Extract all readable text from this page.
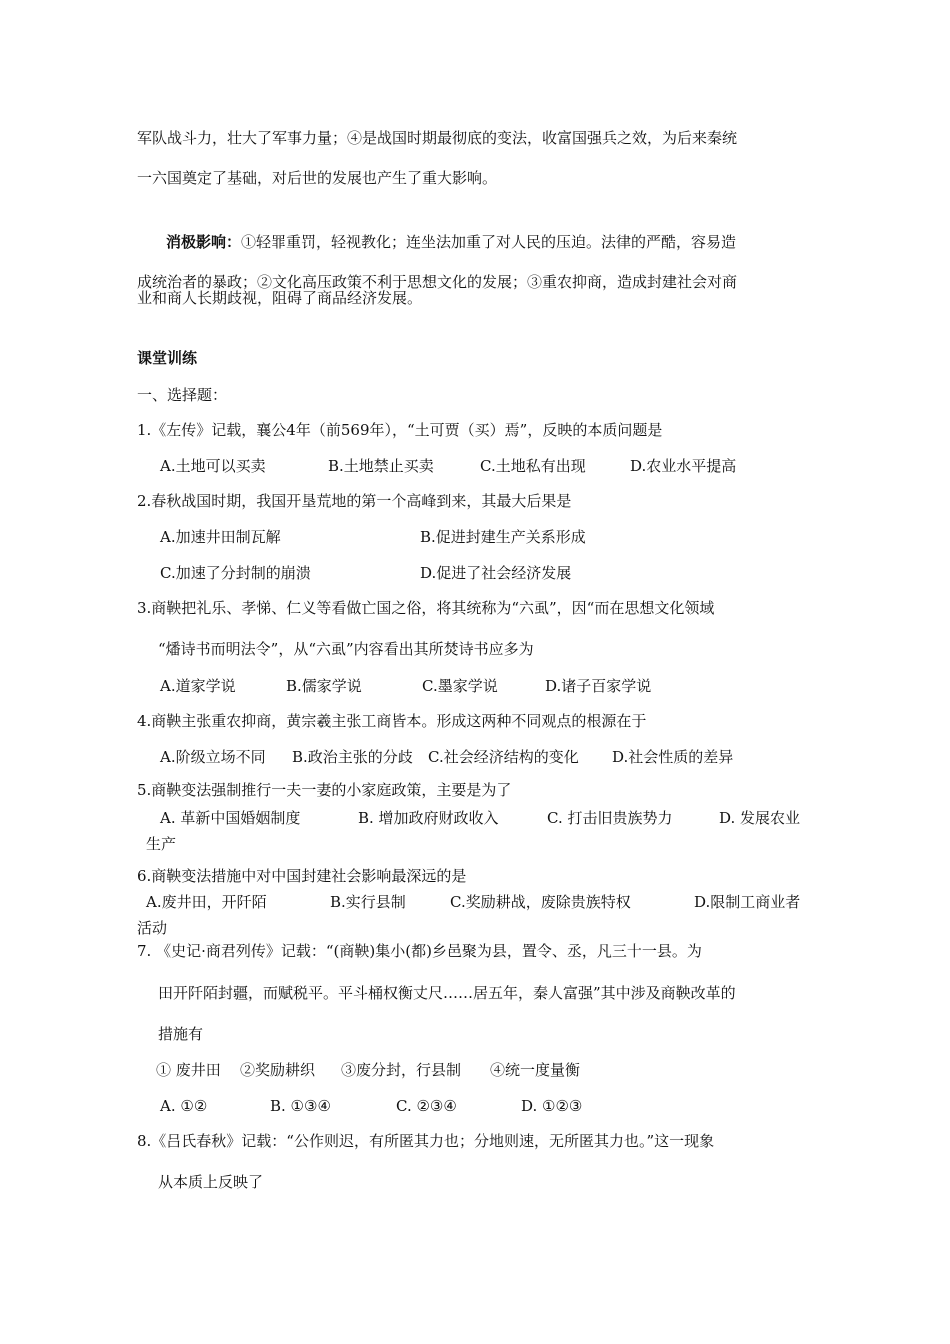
军队战斗力，壮大了军事力量；④是战国时期最彻底的变法，收富国强兵之效，为后来秦统
一六国奠定了基础，对后世的发展也产生了重大影响。
消极影响：①轻罪重罚，轻视教化；连坐法加重了对人民的压迫。法律的严酷，容易造
成统治者的暴政；②文化高压政策不利于思想文化的发展；③重农抑商，造成封建社会对商
业和商人长期歧视，阻碍了商品经济发展。
课堂训练
一、选择题：
1.《左传》记载，襄公4年（前569年），“土可贾（买）焉”，反映的本质问题是
A.土地可以买卖	B.土地禁止买卖	C.土地私有出现	D.农业水平提高
2.春秋战国时期，我国开垦荒地的第一个高峰到来，其最大后果是
A.加速井田制瓦解	B.促进封建生产关系形成
C.加速了分封制的崩溃	D.促进了社会经济发展
3.商鞅把礼乐、孝悌、仁义等看做亡国之俗，将其统称为“六虱”，因“而在思想文化领域
“燔诗书而明法令”，从“六虱”内容看出其所焚诗书应多为
A.道家学说	B.儒家学说	C.墨家学说	D.诸子百家学说
4.商鞅主张重农抑商，黄宗羲主张工商皆本。形成这两种不同观点的根源在于
A.阶级立场不同 B.政治主张的分歧 C.社会经济结构的变化 D.社会性质的差异
5.商鞅变法强制推行一夫一妻的小家庭政策，主要是为了
A. 革新中国婚姻制度	B. 增加政府财政收入	C. 打击旧贵族势力	D. 发展农业
生产
6.商鞅变法措施中对中国封建社会影响最深远的是
A.废井田，开阡陌	B.实行县制	C.奖励耕战，废除贵族特权	D.限制工商业者
活动
7. 《史记·商君列传》记载：“(商鞅)集小(都)乡邑聚为县，置令、丞，凡三十一县。为
田开阡陌封疆，而赋税平。平斗桶权衡丈尺……居五年，秦人富强”其中涉及商鞅改革的
措施有
① 废井田 ②奖励耕织 ③废分封，行县制 ④统一度量衡
A. ①②	B. ①③④	C. ②③④	D. ①②③
8.《吕氏春秋》记载：“公作则迟，有所匿其力也；分地则速，无所匿其力也。”这一现象
从本质上反映了
